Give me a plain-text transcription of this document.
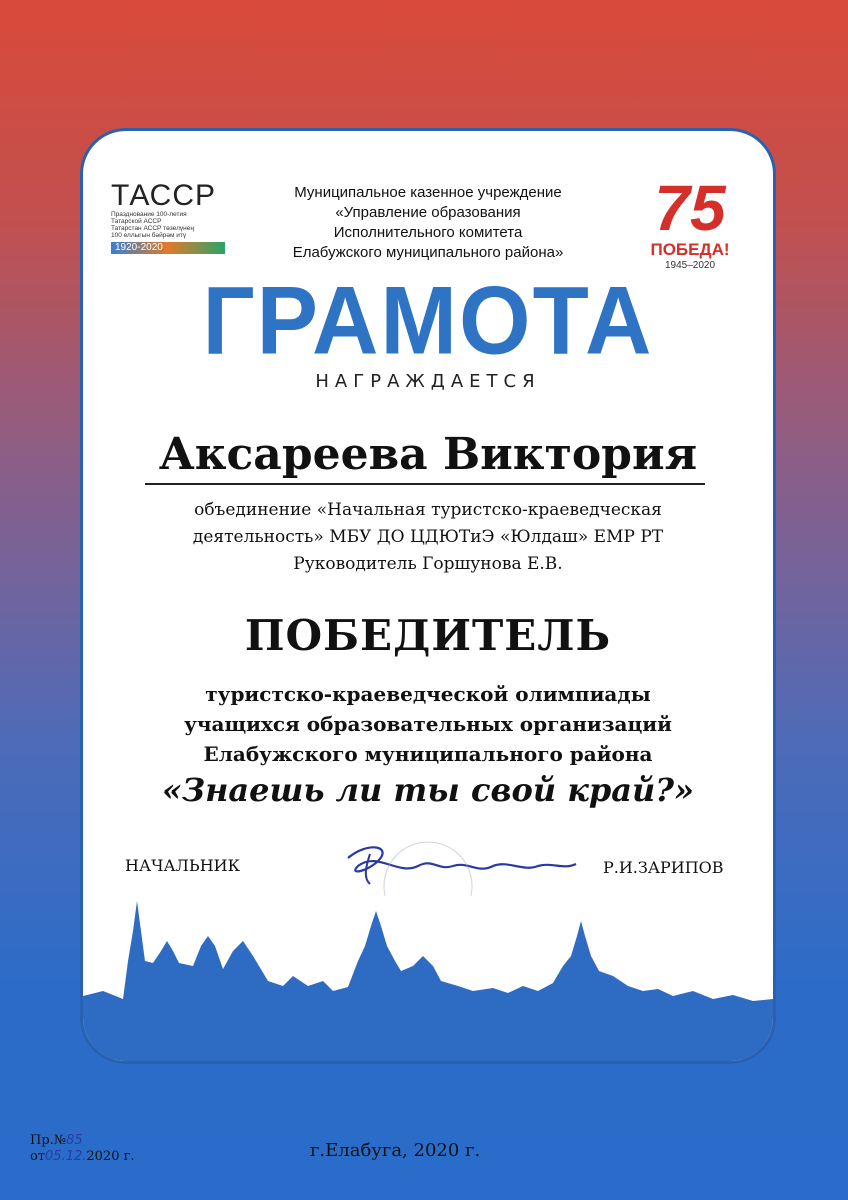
ТАССР
Празднование 100-летия
Татарской АССР
Татарстан АССР төзелүнең
100 еллыгын бәйрәм итү
1920-2020
Муниципальное казенное учреждение
«Управление образования
Исполнительного комитета
Елабужского муниципального района»
75
ПОБЕДА!
1945–2020
ГРАМОТА
НАГРАЖДАЕТСЯ
Аксареева Виктория
объединение «Начальная туристско-краеведческая
деятельность» МБУ ДО ЦДЮТиЭ «Юлдаш» ЕМР РТ
Руководитель Горшунова Е.В.
ПОБЕДИТЕЛЬ
туристско-краеведческой олимпиады
учащихся образовательных организаций
Елабужского муниципального района
«Знаешь ли ты свой край?»
НАЧАЛЬНИК	Р.И.ЗАРИПОВ
Пр.№85
от05.12.2020 г.	г.Елабуга, 2020 г.
